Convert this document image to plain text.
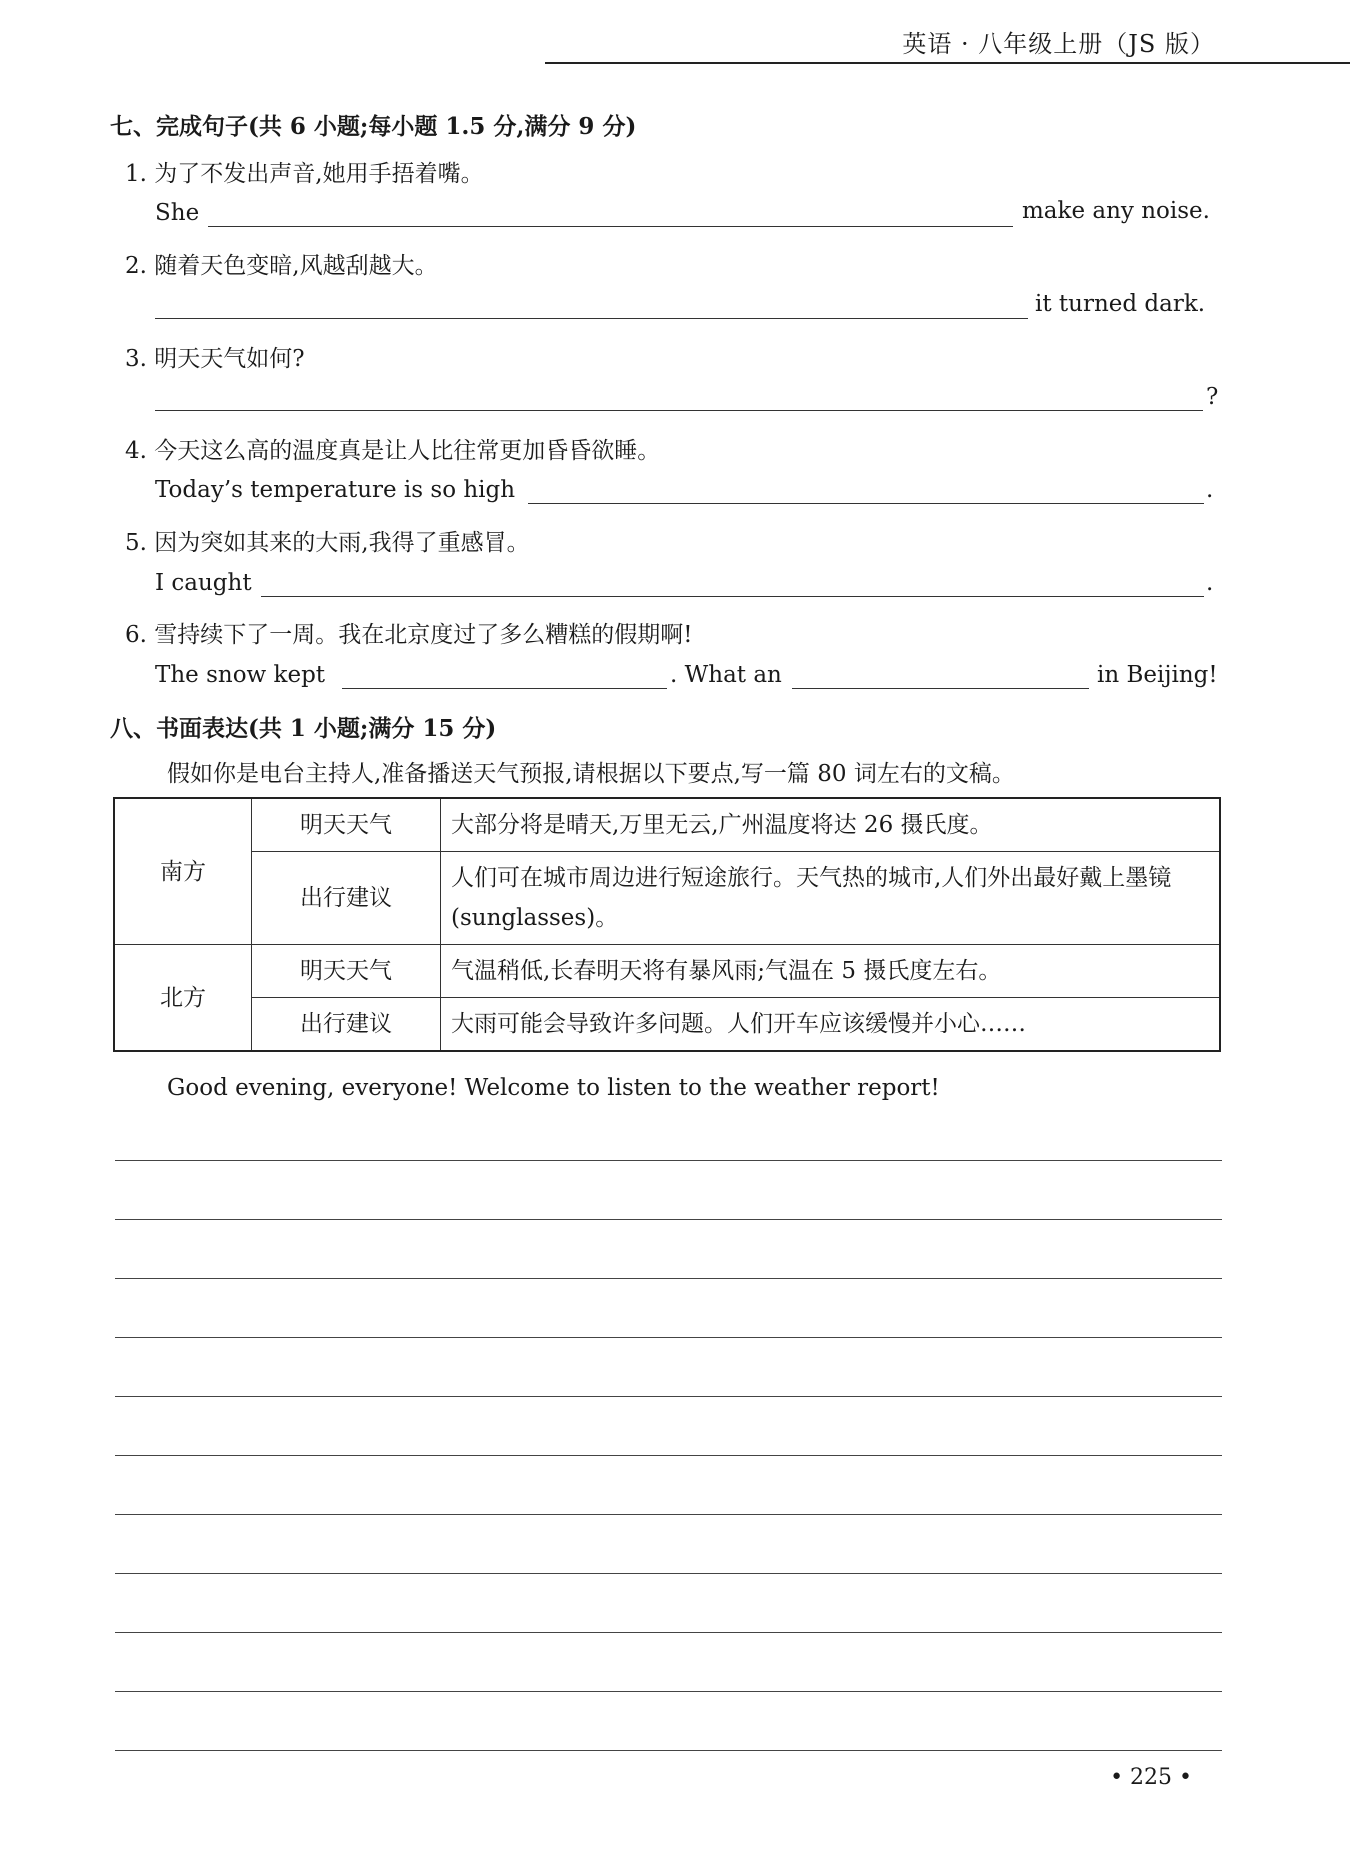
英语 · 八年级上册（JS 版）
七、完成句子(共 6 小题;每小题 1.5 分,满分 9 分)
1. 为了不发出声音,她用手捂着嘴。
She	make any noise.
2. 随着天色变暗,风越刮越大。
it turned dark.
3. 明天天气如何?
?
4. 今天这么高的温度真是让人比往常更加昏昏欲睡。
Today’s temperature is so high	.
5. 因为突如其来的大雨,我得了重感冒。
I caught	.
6. 雪持续下了一周。我在北京度过了多么糟糕的假期啊!
The snow kept	. What an	in Beijing!
八、书面表达(共 1 小题;满分 15 分)
假如你是电台主持人,准备播送天气预报,请根据以下要点,写一篇 80 词左右的文稿。
南方	明天天气	大部分将是晴天,万里无云,广州温度将达 26 摄氏度。
	出行建议	人们可在城市周边进行短途旅行。天气热的城市,人们外出最好戴上墨镜(sunglasses)。
北方	明天天气	气温稍低,长春明天将有暴风雨;气温在 5 摄氏度左右。
	出行建议	大雨可能会导致许多问题。人们开车应该缓慢并小心……
Good evening, everyone! Welcome to listen to the weather report!
• 225 •
